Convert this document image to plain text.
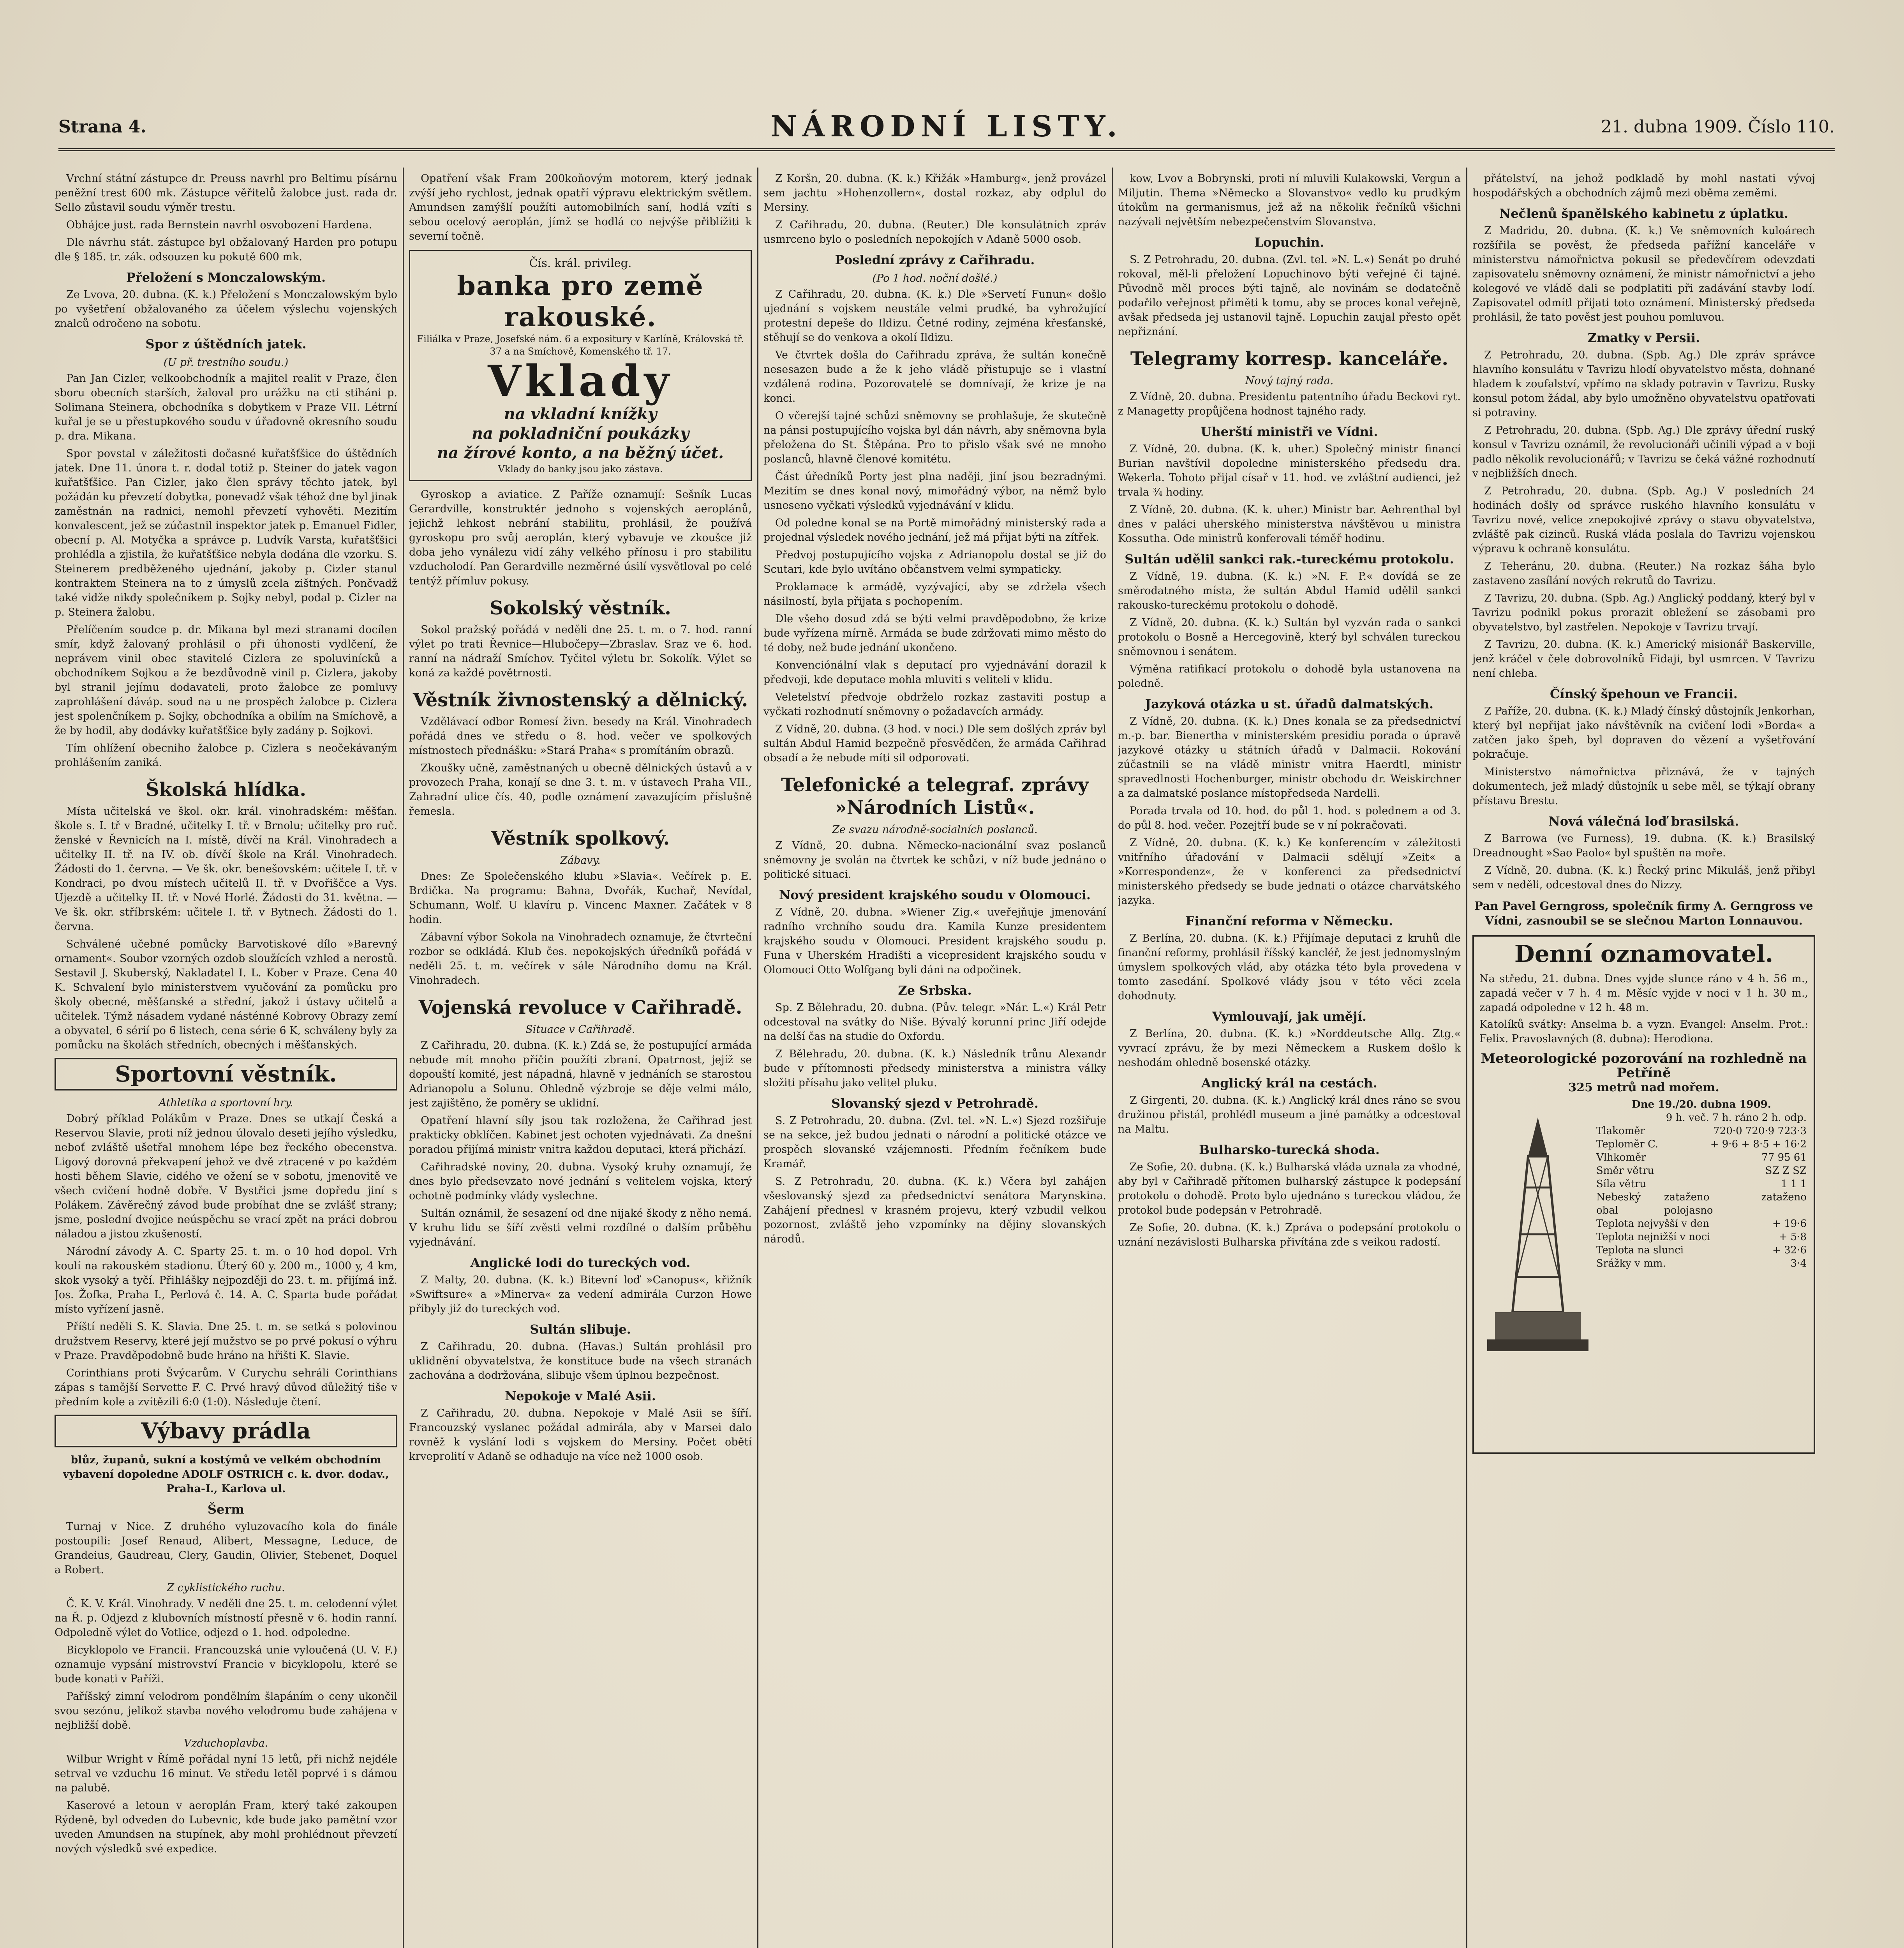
Strana 4.	NÁRODNÍ LISTY.	21. dubna 1909. Číslo 110.

Vrchní státní zástupce dr. Preuss navrhl pro Beltimu písárnu peněžní trest 600 mk. Zástupce věřitelů žalobce just. rada dr. Sello zůstavil soudu výměr trestu.

Obhájce just. rada Bernstein navrhl osvobození Hardena.

Dle návrhu stát. zástupce byl obžalovaný Harden pro potupu dle § 185. tr. zák. odsouzen ku pokutě 600 mk.

Přeložení s Monczalowským.

Ze Lvova, 20. dubna. (K. k.) Přeložení s Monczalowským bylo po vyšetření obžalovaného za účelem výslechu vojenských znalců odročeno na sobotu.

Spor z úštědních jatek.
(U př. trestního soudu.)

Pan Jan Cizler, velkoobchodník a majitel realit v Praze, člen sboru obecních starších, žaloval pro urážku na cti stiháni p. Solimana Steinera, obchodníka s dobytkem v Praze VII. Létrní kuřal je se u přestupkového soudu v úřadovně okresního soudu p. dra. Mikana.

Spor povstal v záležitosti dočasné kuřatšťšice do úštědních jatek. Dne 11. února t. r. dodal totiž p. Steiner do jatek vagon kuřatšťšice. Pan Cizler, jako člen správy těchto jatek, byl požádán ku převzetí dobytka, ponevadž však téhož dne byl jinak zaměstnán na radnici, nemohl převzetí vyhověti. Mezitím konvalescent, jež se zúčastnil inspektor jatek p. Emanuel Fidler, obecní p. Al. Motyčka a správce p. Ludvík Varsta, kuřatšťšici prohlédla a zjistila, že kuřatšťšice nebyla dodána dle vzorku. S. Steinerem predběženého ujednání, jakoby p. Cizler stanul kontraktem Steinera na to z úmyslů zcela zištných. Pončvadž také vidže nikdy společníkem p. Sojky nebyl, podal p. Cizler na p. Steinera žalobu.

Přelíčením soudce p. dr. Mikana byl mezi stranami docílen smír, když žalovaný prohlásil o při úhonosti vydlčení, že neprávem vinil obec stavitelé Cizlera ze spoluvinícků a obchodníkem Sojkou a že bezdůvodně vinil p. Cizlera, jakoby byl stranil jejímu dodavateli, proto žalobce ze pomluvy zaprohlášení dáváp. soud na u ne prospěch žalobce p. Cizlera jest spolenčníkem p. Sojky, obchodníka a obilím na Smíchově, a že by hodil, aby dodávky kuřatšťšice byly zadány p. Sojkovi.

Tím ohlížení obecniho žalobce p. Cizlera s neočekávaným prohlášením zaniká.

Školská hlídka.

Místa učitelská ve škol. okr. král. vinohradském: měšťan. škole s. I. tř v Bradné, učitelky I. tř. v Brnolu; učitelky pro ruč. ženské v Řevnicích na I. místě, dívčí na Král. Vinohradech a učitelky II. tř. na IV. ob. dívčí škole na Král. Vinohradech. Žádosti do 1. června. — Ve šk. okr. benešovském: učitele I. tř. v Kondraci, po dvou místech učitelů II. tř. v Dvořiščce a Vys. Ujezdě a učitelky II. tř. v Nové Horlé. Žádosti do 31. května. — Ve šk. okr. stříbrském: učitele I. tř. v Bytnech. Žádosti do 1. června.

Schválené učebné pomůcky Barvotiskové dílo »Barevný ornament«. Soubor vzorných ozdob sloužících vzhled a nerostů. Sestavil J. Skuberský, Nakladatel I. L. Kober v Praze. Cena 40 K. Schvalení bylo ministerstvem vyučování za pomůcku pro školy obecné, měšťanské a střední, jakož i ústavy učitelů a učitelek. Týmž násadem vydané násténné Kobrovy Obrazy zemí a obyvatel, 6 sérií po 6 listech, cena série 6 K, schváleny byly za pomůcku na školách středních, obecných i měšťanských.

Sportovní věstník.
Athletika a sportovní hry.

Dobrý příklad Polákům v Praze. Dnes se utkají Česká a Reservou Slavie, proti níž jednou úlovalo deseti jejího výsledku, neboť zvláště ušetřal mnohem lépe bez řeckého obecenstva. Ligový dorovná překvapení jehož ve dvě ztracené v po každém hosti během Slavie, cidého ve ožení se v sobotu, jmenovitě ve všech cvičení hodně dobře. V Bystřici jsme dopředu jiní s Polákem. Závěrečný závod bude probíhat dne se zvlášť strany; jsme, poslední dvojice neúspěchu se vrací zpět na práci dobrou náladou a jistou zkušeností.

Národní závody A. C. Sparty 25. t. m. o 10 hod dopol. Vrh koulí na rakouském stadionu. Úterý 60 y. 200 m., 1000 y, 4 km, skok vysoký a tyčí. Přihlášky nejpozději do 23. t. m. přijímá inž. Jos. Žofka, Praha I., Perlová č. 14. A. C. Sparta bude pořádat místo vyřízení jasně.

Příští neděli S. K. Slavia. Dne 25. t. m. se setká s polovinou družstvem Reservy, které její mužstvo se po prvé pokusí o výhru v Praze. Pravděpodobně bude hráno na hřišti K. Slavie.

Corinthians proti Švýcarům. V Curychu sehráli Corinthians zápas s tamější Servette F. C. Prvé hravý důvod důležitý tiše v předním kole a zvítězili 6:0 (1:0). Následuje čtení.

Výbavy prádla

blůz, županů, sukní a kostýmů ve velkém obchodním vybavení dopoledne ADOLF OSTRICH c. k. dvor. dodav., Praha-I., Karlova ul.

Šerm

Turnaj v Nice. Z druhého vyluzovacího kola do finále postoupili: Josef Renaud, Alibert, Messagne, Leduce, de Grandeius, Gaudreau, Clery, Gaudin, Olivier, Stebenet, Doquel a Robert.

Z cyklistického ruchu.

Č. K. V. Král. Vinohrady. V neděli dne 25. t. m. celodenní výlet na Ř. p. Odjezd z klubovních místností přesně v 6. hodin ranní. Odpoledně výlet do Votlice, odjezd o 1. hod. odpoledne.

Bicyklopolo ve Francii. Francouzská unie vyloučená (U. V. F.) oznamuje vypsání mistrovství Francie v bicyklopolu, které se bude konati v Paříži.

Paříšský zimní velodrom pondělním šlapáním o ceny ukončil svou sezónu, jelikož stavba nového velodromu bude zahájena v nejbližší době.

Vzduchoplavba.

Wilbur Wright v Římě pořádal nyní 15 letů, při nichž nejdéle setrval ve vzduchu 16 minut. Ve středu letěl poprvé i s dámou na palubě.

Kaserové a letoun v aeroplán Fram, který také zakoupen Rýdeně, byl odveden do Lubevnic, kde bude jako pamětní vzor uveden Amundsen na stupínek, aby mohl prohlédnout převzetí nových výsledků své expedice.

Opatření však Fram 200koňovým motorem, který jednak zvýší jeho rychlost, jednak opatří výpravu elektrickým světlem. Amundsen zamýšlí použíti automobilních saní, hodlá vzíti s sebou ocelový aeroplán, jímž se hodlá co nejvýše přiblížiti k severní točně.

Čís. král. privileg.
banka pro země rakouské.
Filiálka v Praze, Josefské nám. 6 a expositury v Karlíně, Královská tř. 37 a na Smíchově, Komenského tř. 17.
Vklady
na vkladní knížky
na pokladniční poukázky
na žírové konto, a na běžný účet.
Vklady do banky jsou jako zástava.

Gyroskop a aviatice. Z Paříže oznamují: Sešník Lucas Gerardville, konstruktér jednoho s vojenských aeroplánů, jejichž lehkost nebrání stabilitu, prohlásil, že používá gyroskopu pro svůj aeroplán, který vybavuje ve zkoušce již doba jeho vynálezu vidí záhy velkého přínosu i pro stabilitu vzducholodí. Pan Gerardville nezměrné úsilí vysvětloval po celé tentýž přímluv pokusy.

Sokolský věstník.

Sokol pražský pořádá v neděli dne 25. t. m. o 7. hod. ranní výlet po trati Řevnice—Hlubočepy—Zbraslav. Sraz ve 6. hod. ranní na nádraží Smíchov. Tyčitel výletu br. Sokolík. Výlet se koná za každé povětrnosti.

Věstník živnostenský a dělnický.

Vzdělávací odbor Romesí živn. besedy na Král. Vinohradech pořádá dnes ve středu o 8. hod. večer ve spolkových místnostech přednášku: »Stará Praha« s promítáním obrazů.

Zkoušky učně, zaměstnaných u obecně dělnických ústavů a v provozech Praha, konají se dne 3. t. m. v ústavech Praha VII., Zahradní ulice čís. 40, podle oznámení zavazujícím příslušně řemesla.

Věstník spolkový.
Zábavy.

Dnes: Ze Společenského klubu »Slavia«. Večírek p. E. Brdička. Na programu: Bahna, Dvořák, Kuchař, Nevídal, Schumann, Wolf. U klavíru p. Vincenc Maxner. Začátek v 8 hodin.

Zábavní výbor Sokola na Vinohradech oznamuje, že čtvrteční rozbor se odkládá. Klub čes. nepokojských úředníků pořádá v neděli 25. t. m. večírek v sále Národního domu na Král. Vinohradech.

Vojenská revoluce v Cařihradě.
Situace v Cařihradě.

Z Cařihradu, 20. dubna. (K. k.) Zdá se, že postupující armáda nebude mít mnoho příčin použíti zbraní. Opatrnost, jejíž se dopouští komité, jest nápadná, hlavně v jednáních se starostou Adrianopolu a Solunu. Ohledně výzbroje se děje velmi málo, jest zajištěno, že poměry se uklidní.

Opatření hlavní síly jsou tak rozložena, že Cařihrad jest prakticky obklíčen. Kabinet jest ochoten vyjednávati. Za dnešní poradou přijímá ministr vnitra každou deputaci, která přichází.

Cařihradské noviny, 20. dubna. Vysoký kruhy oznamují, že dnes bylo předsevzato nové jednání s velitelem vojska, který ochotně podmínky vlády vyslechne.

Sultán oznámil, že sesazení od dne nijaké škody z něho nemá. V kruhu lidu se šíří zvěsti velmi rozdílné o dalším průběhu vyjednávání.

Anglické lodi do tureckých vod.

Z Malty, 20. dubna. (K. k.) Bitevní loď »Canopus«, křižník »Swiftsure« a »Minerva« za vedení admirála Curzon Howe přibyly již do tureckých vod.

Sultán slibuje.

Z Cařihradu, 20. dubna. (Havas.) Sultán prohlásil pro uklidnění obyvatelstva, že konstituce bude na všech stranách zachována a dodržována, slibuje všem úplnou bezpečnost.

Nepokoje v Malé Asii.

Z Cařihradu, 20. dubna. Nepokoje v Malé Asii se šíří. Francouzský vyslanec požádal admirála, aby v Marsei dalo rovněž k vyslání lodi s vojskem do Mersiny. Počet obětí krveprolití v Adaně se odhaduje na více než 1000 osob.

Z Koršn, 20. dubna. (K. k.) Křižák »Hamburg«, jenž provázel sem jachtu »Hohenzollern«, dostal rozkaz, aby odplul do Mersiny.

Z Cařihradu, 20. dubna. (Reuter.) Dle konsulátních zpráv usmrceno bylo o posledních nepokojích v Adaně 5000 osob.

Poslední zprávy z Cařihradu.
(Po 1 hod. noční došlé.)

Z Cařihradu, 20. dubna. (K. k.) Dle »Servetí Funun« došlo ujednání s vojskem neustále velmi prudké, ba vyhrožující protestní depeše do Ildizu. Četné rodiny, zejména křesťanské, stěhují se do venkova a okolí Ildizu.

Ve čtvrtek došla do Cařihradu zpráva, že sultán konečně nesesazen bude a že k jeho vládě přistupuje se i vlastní vzdálená rodina. Pozorovatelé se domnívají, že krize je na konci.

O včerejší tajné schůzi sněmovny se prohlašuje, že skutečně na pánsi postupujícího vojska byl dán návrh, aby sněmovna byla přeložena do St. Štěpána. Pro to přislo však své ne mnoho poslanců, hlavně členové komitétu.

Část úředníků Porty jest plna naději, jiní jsou bezradnými. Mezitím se dnes konal nový, mimořádný výbor, na němž bylo usneseno vyčkati výsledků vyjednávání v klidu.

Od poledne konal se na Portě mimořádný ministerský rada a projednal výsledek nového jednání, jež má přijat býti na zítřek.

Předvoj postupujícího vojska z Adrianopolu dostal se již do Scutari, kde bylo uvítáno občanstvem velmi sympaticky.

Proklamace k armádě, vyzývající, aby se zdržela všech násilností, byla přijata s pochopením.

Dle všeho dosud zdá se býti velmi pravděpodobno, že krize bude vyřízena mírně. Armáda se bude zdržovati mimo město do té doby, než bude jednání ukončeno.

Konvenciónální vlak s deputací pro vyjednávání dorazil k předvoji, kde deputace mohla mluviti s veliteli v klidu.

Veletelství předvoje obdrželo rozkaz zastaviti postup a vyčkati rozhodnutí sněmovny o požadavcích armády.

Z Vídně, 20. dubna. (3 hod. v noci.) Dle sem došlých zpráv byl sultán Abdul Hamid bezpečně přesvědčen, že armáda Cařihrad obsadí a že nebude míti sil odporovati.

Telefonické a telegraf. zprávy »Národních Listů«.
Ze svazu národně-socialních poslanců.

Z Vídně, 20. dubna. Německo-nacionální svaz poslanců sněmovny je svolán na čtvrtek ke schůzi, v níž bude jednáno o politické situaci.

Nový president krajského soudu v Olomouci.

Z Vídně, 20. dubna. »Wiener Zig.« uveřejňuje jmenování radního vrchního soudu dra. Kamila Kunze presidentem krajského soudu v Olomouci. President krajského soudu p. Funa v Uherském Hradišti a vicepresident krajského soudu v Olomouci Otto Wolfgang byli dáni na odpočinek.

Ze Srbska.

Sp. Z Bělehradu, 20. dubna. (Pův. telegr. »Nár. L.«) Král Petr odcestoval na svátky do Niše. Bývalý korunní princ Jiří odejde na delší čas na studie do Oxfordu.

Z Bělehradu, 20. dubna. (K. k.) Následník trůnu Alexandr bude v přítomnosti předsedy ministerstva a ministra války složiti přísahu jako velitel pluku.

Slovanský sjezd v Petrohradě.

S. Z Petrohradu, 20. dubna. (Zvl. tel. »N. L.«) Sjezd rozšiřuje se na sekce, jež budou jednati o národní a politické otázce ve prospěch slovanské vzájemnosti. Předním řečníkem bude Kramář.

S. Z Petrohradu, 20. dubna. (K. k.) Včera byl zahájen všeslovanský sjezd za předsednictví senátora Marynskina. Zahájení přednesl v krasném projevu, který vzbudil velkou pozornost, zvláště jeho vzpomínky na dějiny slovanských národů.

kow, Lvov a Bobrynski, proti ní mluvili Kulakowski, Vergun a Miljutin. Thema »Německo a Slovanstvo« vedlo ku prudkým útokům na germanismus, jež až na několik řečníků všichni nazývali největším nebezpečenstvím Slovanstva.

Lopuchin.

S. Z Petrohradu, 20. dubna. (Zvl. tel. »N. L.«) Senát po druhé rokoval, měl-li přeložení Lopuchinovo býti veřejné či tajné. Původně měl proces býti tajně, ale novinám se dodatečně podařilo veřejnost přiměti k tomu, aby se proces konal veřejně, avšak předseda jej ustanovil tajně. Lopuchin zaujal přesto opět nepřiznání.

Telegramy korresp. kanceláře.
Nový tajný rada.

Z Vídně, 20. dubna. Presidentu patentního úřadu Beckovi ryt. z Managetty propůjčena hodnost tajného rady.

Uherští ministři ve Vídni.

Z Vídně, 20. dubna. (K. k. uher.) Společný ministr financí Burian navštívil dopoledne ministerského předsedu dra. Wekerla. Tohoto přijal císař v 11. hod. ve zvláštní audienci, jež trvala ¾ hodiny.

Z Vídně, 20. dubna. (K. k. uher.) Ministr bar. Aehrenthal byl dnes v paláci uherského ministerstva návštěvou u ministra Kossutha. Ode ministrů konferovali téměř hodinu.

Sultán udělil sankci rak.-tureckému protokolu.

Z Vídně, 19. dubna. (K. k.) »N. F. P.« dovídá se ze směrodatného místa, že sultán Abdul Hamid udělil sankci rakousko-tureckému protokolu o dohodě.

Z Vídně, 20. dubna. (K. k.) Sultán byl vyzván rada o sankci protokolu o Bosně a Hercegovině, který byl schválen tureckou sněmovnou i senátem.

Výměna ratifikací protokolu o dohodě byla ustanovena na poledně.

Jazyková otázka u st. úřadů dalmatských.

Z Vídně, 20. dubna. (K. k.) Dnes konala se za předsednictví m.-p. bar. Bienertha v ministerském presidiu porada o úpravě jazykové otázky u státních úřadů v Dalmacii. Rokování zúčastnili se na vládě ministr vnitra Haerdtl, ministr spravedlnosti Hochenburger, ministr obchodu dr. Weiskirchner a za dalmatské poslance místopředseda Nardelli.

Porada trvala od 10. hod. do půl 1. hod. s polednem a od 3. do půl 8. hod. večer. Pozejtří bude se v ní pokračovati.

Z Vídně, 20. dubna. (K. k.) Ke konferencím v záležitosti vnitřního úřadování v Dalmacii sdělují »Zeit« a »Korrespondenz«, že v konferenci za předsednictví ministerského předsedy se bude jednati o otázce charvátského jazyka.

Finanční reforma v Německu.

Z Berlína, 20. dubna. (K. k.) Přijímaje deputaci z kruhů dle finanční reformy, prohlásil říšský kancléř, že jest jednomyslným úmyslem spolkových vlád, aby otázka této byla provedena v tomto zasedání. Spolkové vlády jsou v této věci zcela dohodnuty.

Vymlouvají, jak umějí.

Z Berlína, 20. dubna. (K. k.) »Norddeutsche Allg. Ztg.« vyvrací zprávu, že by mezi Německem a Ruskem došlo k neshodám ohledně bosenské otázky.

Anglický král na cestách.

Z Girgenti, 20. dubna. (K. k.) Anglický král dnes ráno se svou družinou přistál, prohlédl museum a jiné památky a odcestoval na Maltu.

Bulharsko-turecká shoda.

Ze Sofie, 20. dubna. (K. k.) Bulharská vláda uznala za vhodné, aby byl v Cařihradě přítomen bulharský zástupce k podepsání protokolu o dohodě. Proto bylo ujednáno s tureckou vládou, že protokol bude podepsán v Petrohradě.

Ze Sofie, 20. dubna. (K. k.) Zpráva o podepsání protokolu o uznání nezávislosti Bulharska přivítána zde s veikou radostí.

přátelství, na jehož podkladě by mohl nastati vývoj hospodářských a obchodních zájmů mezi oběma zeměmi.

Nečlenů španělského kabinetu z úplatku.

Z Madridu, 20. dubna. (K. k.) Ve sněmovních kuloárech rozšířila se pověst, že předseda pařížní kanceláře v ministerstvu námořnictva pokusil se předevčírem odevzdati zapisovatelu sněmovny oznámení, že ministr námořnictví a jeho kolegové ve vládě dali se podplatiti při zadávání stavby lodí. Zapisovatel odmítl přijati toto oznámení. Ministerský předseda prohlásil, že tato pověst jest pouhou pomluvou.

Zmatky v Persii.

Z Petrohradu, 20. dubna. (Spb. Ag.) Dle zpráv správce hlavního konsulátu v Tavrizu hlodí obyvatelstvo města, dohnané hladem k zoufalství, vpřímo na sklady potravin v Tavrizu. Rusky konsul potom žádal, aby bylo umožněno obyvatelstvu opatřovati si potraviny.

Z Petrohradu, 20. dubna. (Spb. Ag.) Dle zprávy úřední ruský konsul v Tavrizu oznámil, že revolucionáři učinili výpad a v boji padlo několik revolucionářů; v Tavrizu se čeká vážné rozhodnutí v nejbližších dnech.

Z Petrohradu, 20. dubna. (Spb. Ag.) V posledních 24 hodinách došly od správce ruského hlavního konsulátu v Tavrizu nové, velice znepokojivé zprávy o stavu obyvatelstva, zvláště pak cizinců. Ruská vláda poslala do Tavrizu vojenskou výpravu k ochraně konsulátu.

Z Teheránu, 20. dubna. (Reuter.) Na rozkaz šáha bylo zastaveno zasílání nových rekrutů do Tavrizu.

Z Tavrizu, 20. dubna. (Spb. Ag.) Anglický poddaný, který byl v Tavrizu podnikl pokus prorazit obležení se zásobami pro obyvatelstvo, byl zastřelen. Nepokoje v Tavrizu trvají.

Z Tavrizu, 20. dubna. (K. k.) Americký misionář Baskerville, jenž kráčel v čele dobrovolníků Fidaji, byl usmrcen. V Tavrizu není chleba.

Čínský špehoun ve Francii.

Z Paříže, 20. dubna. (K. k.) Mladý čínský důstojník Jenkorhan, který byl nepřijat jako návštěvník na cvičení lodi »Borda« a zatčen jako špeh, byl dopraven do vězení a vyšetřování pokračuje.

Ministerstvo námořnictva přiznává, že v tajných dokumentech, jež mladý důstojník u sebe měl, se týkají obrany přístavu Brestu.

Nová válečná loď brasilská.

Z Barrowa (ve Furness), 19. dubna. (K. k.) Brasilský Dreadnought »Sao Paolo« byl spuštěn na moře.

Z Vídně, 20. dubna. (K. k.) Řecký princ Mikuláš, jenž přibyl sem v neděli, odcestoval dnes do Nizzy.

Pan Pavel Gerngross, společník firmy A. Gerngross ve Vídni, zasnoubil se se slečnou Marton Lonnauvou.
Denní oznamovatel.

Na středu, 21. dubna. Dnes vyjde slunce ráno v 4 h. 56 m., zapadá večer v 7 h. 4 m. Měsíc vyjde v noci v 1 h. 30 m., zapadá odpoledne v 12 h. 48 m.

Katolíků svátky: Anselma b. a vyzn. Evangel: Anselm. Prot.: Felix. Pravoslavných (8. dubna): Herodiona.

Meteorologické pozorování na rozhledně na Petříně
325 metrů nad mořem.
Dne 19./20. dubna 1909.
9 h. več. 7 h. ráno 2 h. odp.
Tlakoměr	720·0 720·9 723·3
Teploměr C.	+ 9·6 + 8·5 + 16·2
Vlhkoměr	77 95 61
Směr větru	SZ Z SZ
Síla větru	1 1 1
Nebeský obal
zataženo zataženo polojasno
Teplota nejvyšší v den	+ 19·6
Teplota nejnižší v noci	+ 5·8
Teplota na slunci	+ 32·6
Srážky v mm.	3·4
